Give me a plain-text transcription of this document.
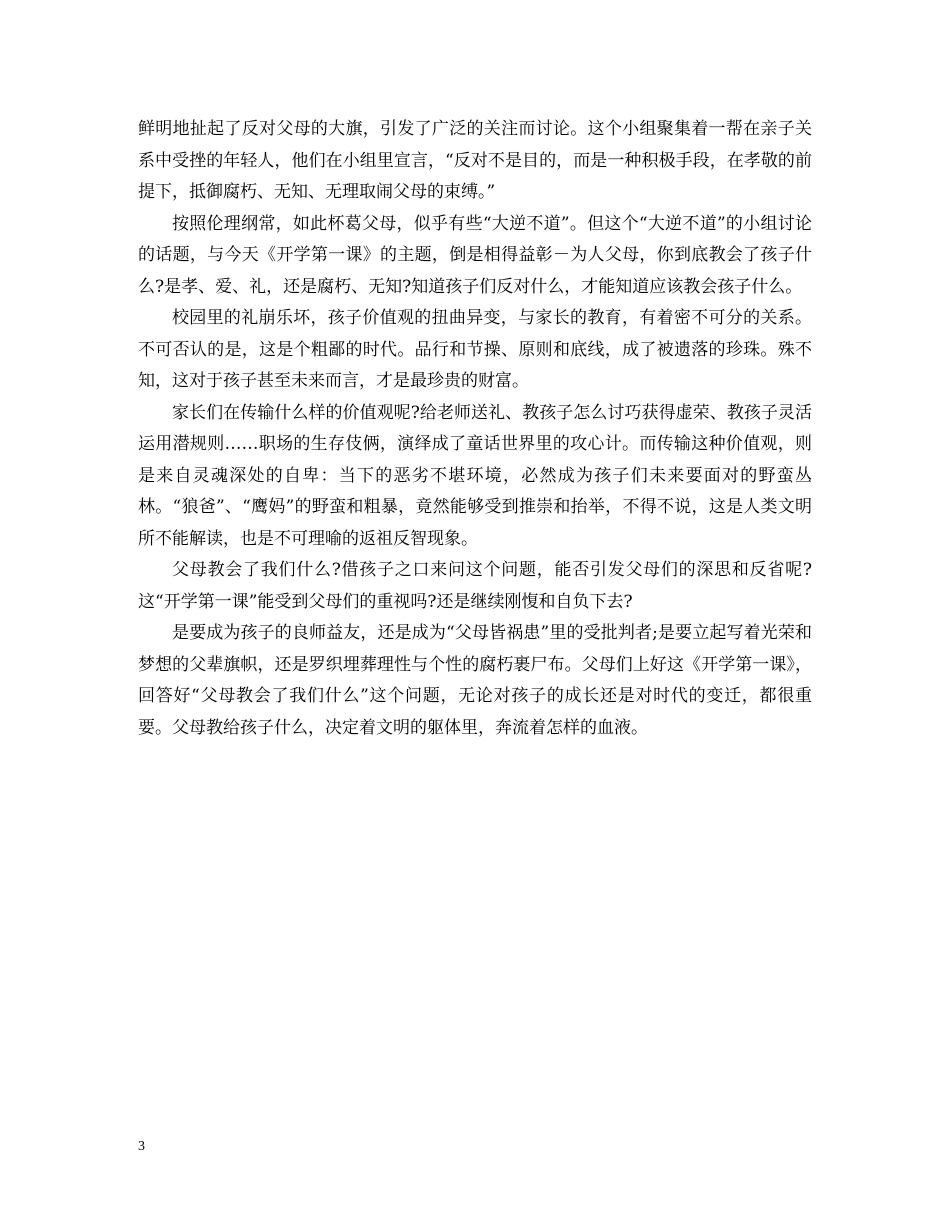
鲜明地扯起了反对父母的大旗，引发了广泛的关注而讨论。这个小组聚集着一帮在亲子关系中受挫的年轻人，他们在小组里宣言，“反对不是目的，而是一种积极手段，在孝敬的前提下，抵御腐朽、无知、无理取闹父母的束缚。”

按照伦理纲常，如此杯葛父母，似乎有些“大逆不道”。但这个“大逆不道”的小组讨论的话题，与今天《开学第一课》的主题，倒是相得益彰－为人父母，你到底教会了孩子什么?是孝、爱、礼，还是腐朽、无知?知道孩子们反对什么，才能知道应该教会孩子什么。

校园里的礼崩乐坏，孩子价值观的扭曲异变，与家长的教育，有着密不可分的关系。不可否认的是，这是个粗鄙的时代。品行和节操、原则和底线，成了被遗落的珍珠。殊不知，这对于孩子甚至未来而言，才是最珍贵的财富。

家长们在传输什么样的价值观呢?给老师送礼、教孩子怎么讨巧获得虚荣、教孩子灵活运用潜规则……职场的生存伎俩，演绎成了童话世界里的攻心计。而传输这种价值观，则是来自灵魂深处的自卑：当下的恶劣不堪环境，必然成为孩子们未来要面对的野蛮丛林。“狼爸”、“鹰妈”的野蛮和粗暴，竟然能够受到推崇和抬举，不得不说，这是人类文明所不能解读，也是不可理喻的返祖反智现象。

父母教会了我们什么?借孩子之口来问这个问题，能否引发父母们的深思和反省呢?这“开学第一课”能受到父母们的重视吗?还是继续刚愎和自负下去?

是要成为孩子的良师益友，还是成为“父母皆祸患”里的受批判者;是要立起写着光荣和梦想的父辈旗帜，还是罗织埋葬理性与个性的腐朽裹尸布。父母们上好这《开学第一课》，回答好“父母教会了我们什么”这个问题，无论对孩子的成长还是对时代的变迁，都很重要。父母教给孩子什么，决定着文明的躯体里，奔流着怎样的血液。

3
